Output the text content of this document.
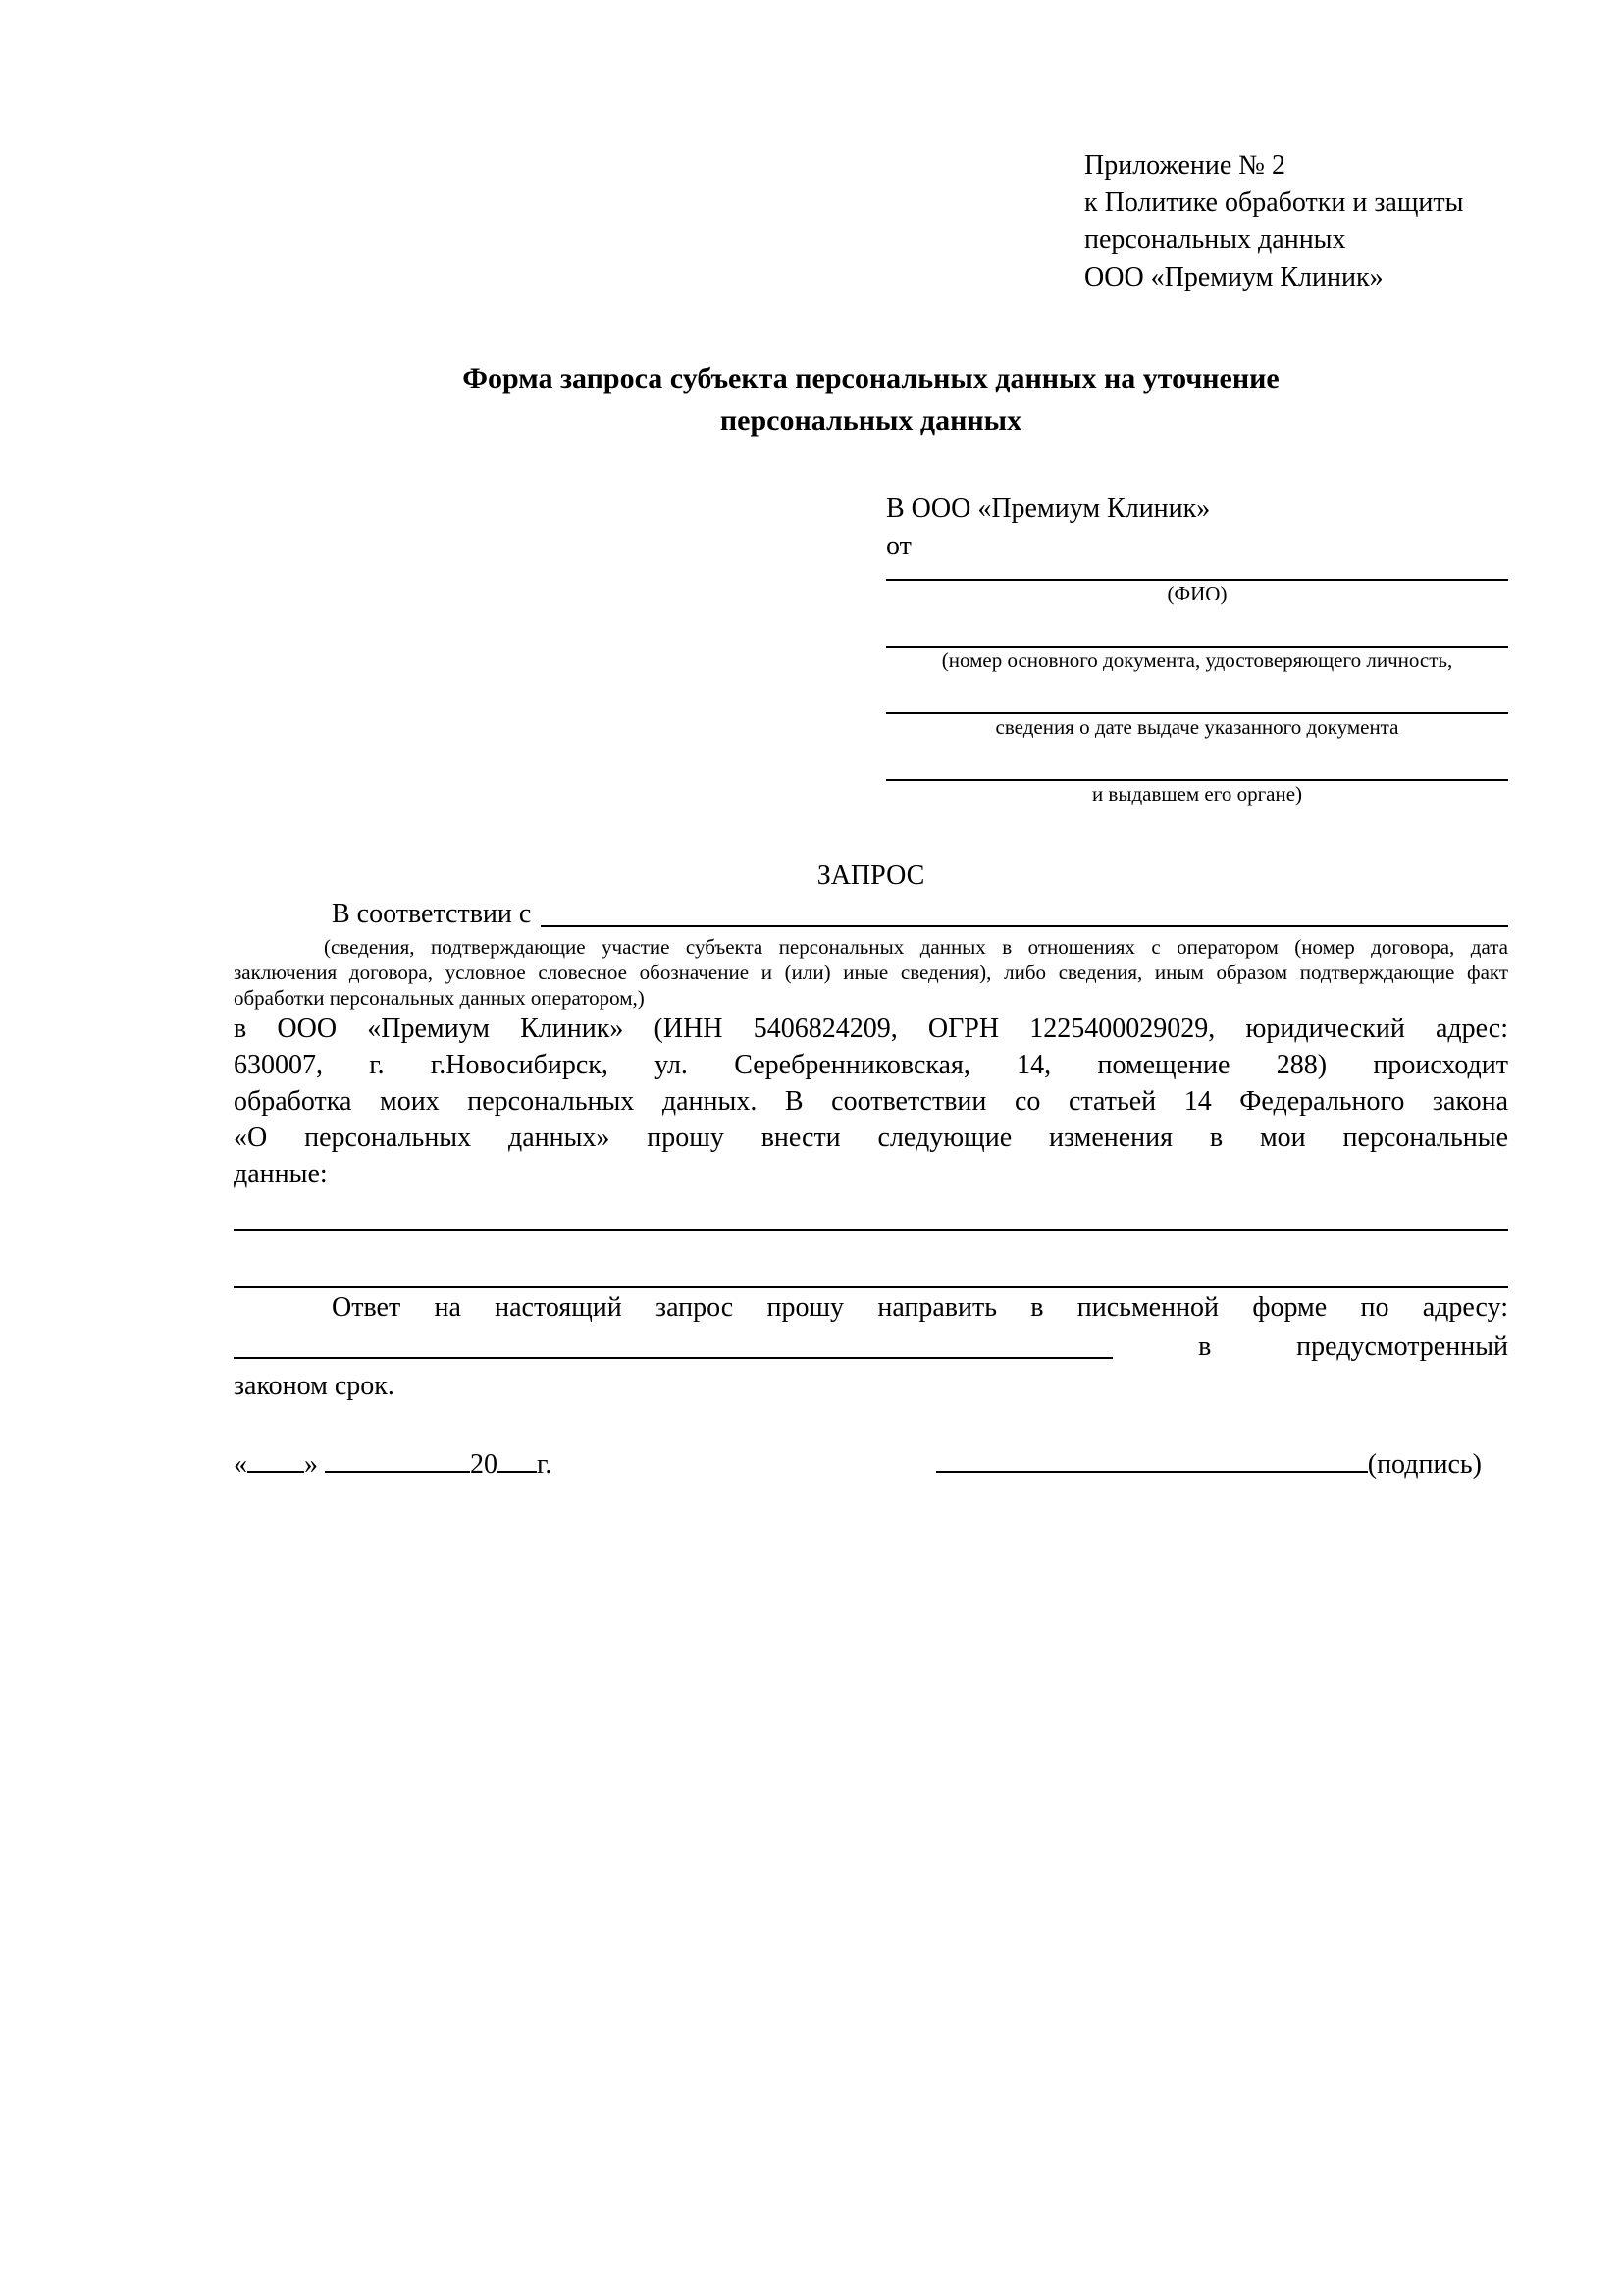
Приложение № 2
к Политике обработки и защиты
персональных данных
ООО «Премиум Клиник»
Форма запроса субъекта персональных данных на уточнение
персональных данных
В ООО «Премиум Клиник»
от
(ФИО)
(номер основного документа, удостоверяющего личность,
сведения о дате выдаче указанного документа
и выдавшем его органе)
ЗАПРОС
В соответствии с
(сведения, подтверждающие участие субъекта персональных данных в отношениях с оператором (номер договора, дата
заключения договора, условное словесное обозначение и (или) иные сведения), либо сведения, иным образом подтверждающие факт
обработки персональных данных оператором,)
в ООО «Премиум Клиник» (ИНН 5406824209, ОГРН 1225400029029, юридический адрес:
630007, г. г.Новосибирск, ул. Серебренниковская, 14, помещение 288) происходит
обработка моих персональных данных. В соответствии со статьей 14 Федерального закона
«О персональных данных» прошу внести следующие изменения в мои персональные
данные:
Ответ на настоящий запрос прошу направить в письменной форме по адресу:
в	предусмотренный
законом срок.
« »	20 г.	(подпись)
